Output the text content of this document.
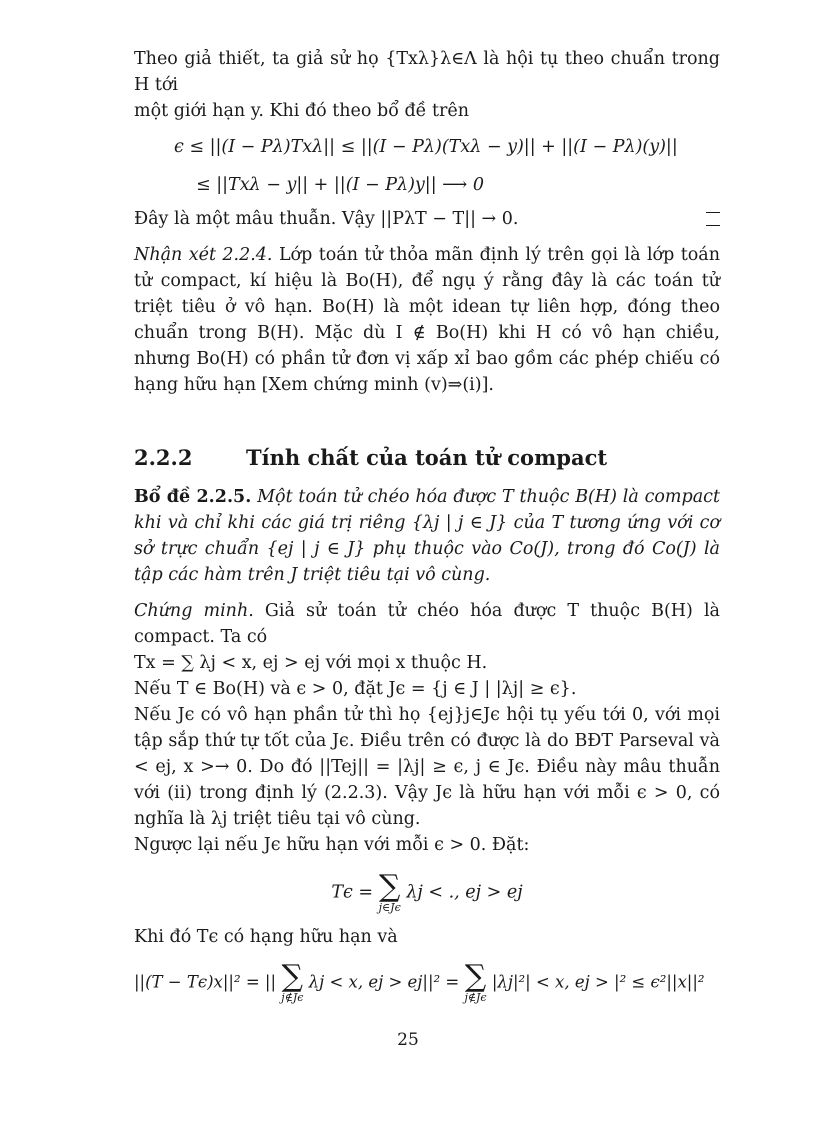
Theo giả thiết, ta giả sử họ {Txλ}λ∈Λ là hội tụ theo chuẩn trong H tới

một giới hạn y. Khi đó theo bổ đề trên

ϵ ≤ ||(I − Pλ)Txλ|| ≤ ||(I − Pλ)(Txλ − y)|| + ||(I − Pλ)(y)||

≤ ||Txλ − y|| + ||(I − Pλ)y|| ⟶ 0

Đây là một mâu thuẫn. Vậy ||PλT − T|| → 0.

Nhận xét 2.2.4. Lớp toán tử thỏa mãn định lý trên gọi là lớp toán tử compact, kí hiệu là Bo(H), để ngụ ý rằng đây là các toán tử triệt tiêu ở vô hạn. Bo(H) là một idean tự liên hợp, đóng theo chuẩn trong B(H). Mặc dù I ∉ Bo(H) khi H có vô hạn chiều, nhưng Bo(H) có phần tử đơn vị xấp xỉ bao gồm các phép chiếu có hạng hữu hạn [Xem chứng minh (v)⇒(i)].

2.2.2	Tính chất của toán tử compact

Bổ đề 2.2.5. Một toán tử chéo hóa được T thuộc B(H) là compact khi và chỉ khi các giá trị riêng {λj | j ∈ J} của T tương ứng với cơ sở trực chuẩn {ej | j ∈ J} phụ thuộc vào Co(J), trong đó Co(J) là tập các hàm trên J triệt tiêu tại vô cùng.

Chứng minh. Giả sử toán tử chéo hóa được T thuộc B(H) là compact. Ta có

Tx = ∑ λj < x, ej > ej với mọi x thuộc H.

Nếu T ∈ Bo(H) và ϵ > 0, đặt Jϵ = {j ∈ J | |λj| ≥ ϵ}.

Nếu Jϵ có vô hạn phần tử thì họ {ej}j∈Jϵ hội tụ yếu tới 0, với mọi tập sắp thứ tự tốt của Jϵ. Điều trên có được là do BĐT Parseval và < ej, x >→ 0. Do đó ||Tej|| = |λj| ≥ ϵ, j ∈ Jϵ. Điều này mâu thuẫn với (ii) trong định lý (2.2.3). Vậy Jϵ là hữu hạn với mỗi ϵ > 0, có nghĩa là λj triệt tiêu tại vô cùng.

Ngược lại nếu Jϵ hữu hạn với mỗi ϵ > 0. Đặt:

Tϵ = ∑
j∈Jϵ
λj < ., ej > ej

Khi đó Tϵ có hạng hữu hạn và

||(T − Tϵ)x||² = || ∑
j∉Jϵ
λj < x, ej > ej||² = ∑
j∉Jϵ
|λj|²| < x, ej > |² ≤ ϵ²||x||²
25
